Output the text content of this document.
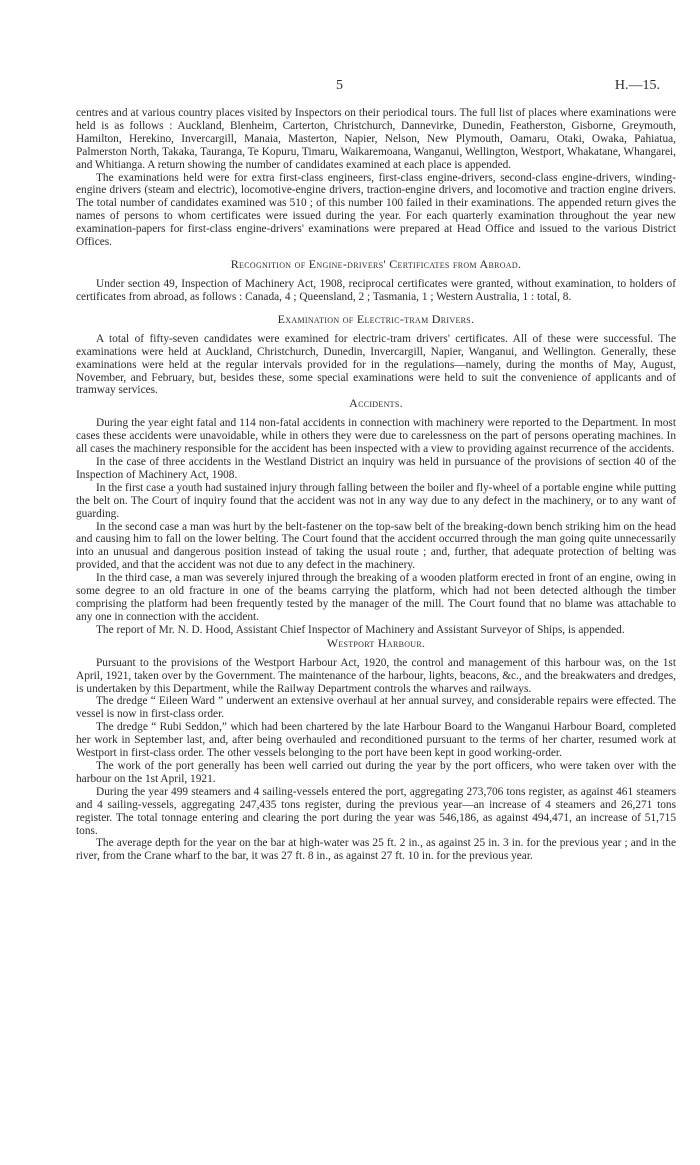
5	H.—15.

centres and at various country places visited by Inspectors on their periodical tours. The full list of places where examinations were held is as follows : Auckland, Blenheim, Carterton, Christchurch, Dannevirke, Dunedin, Featherston, Gisborne, Greymouth, Hamilton, Herekino, Invercargill, Manaia, Masterton, Napier, Nelson, New Plymouth, Oamaru, Otaki, Owaka, Pahiatua, Palmerston North, Takaka, Tauranga, Te Kopuru, Timaru, Waikaremoana, Wanganui, Wellington, Westport, Whakatane, Whangarei, and Whitianga. A return showing the number of candidates examined at each place is appended.

The examinations held were for extra first-class engineers, first-class engine-drivers, second-class engine-drivers, winding-engine drivers (steam and electric), locomotive-engine drivers, traction-engine drivers, and locomotive and traction engine drivers. The total number of candidates examined was 510 ; of this number 100 failed in their examinations. The appended return gives the names of persons to whom certificates were issued during the year. For each quarterly examination throughout the year new examination-papers for first-class engine-drivers' examinations were prepared at Head Office and issued to the various District Offices.

Recognition of Engine-drivers' Certificates from Abroad.

Under section 49, Inspection of Machinery Act, 1908, reciprocal certificates were granted, without examination, to holders of certificates from abroad, as follows : Canada, 4 ; Queensland, 2 ; Tasmania, 1 ; Western Australia, 1 : total, 8.

Examination of Electric-tram Drivers.

A total of fifty-seven candidates were examined for electric-tram drivers' certificates. All of these were successful. The examinations were held at Auckland, Christchurch, Dunedin, Invercargill, Napier, Wanganui, and Wellington. Generally, these examinations were held at the regular intervals provided for in the regulations—namely, during the months of May, August, November, and February, but, besides these, some special examinations were held to suit the convenience of applicants and of tramway services.

Accidents.

During the year eight fatal and 114 non-fatal accidents in connection with machinery were reported to the Department. In most cases these accidents were unavoidable, while in others they were due to carelessness on the part of persons operating machines. In all cases the machinery responsible for the accident has been inspected with a view to providing against recurrence of the accidents.

In the case of three accidents in the Westland District an inquiry was held in pursuance of the provisions of section 40 of the Inspection of Machinery Act, 1908.

In the first case a youth had sustained injury through falling between the boiler and fly-wheel of a portable engine while putting the belt on. The Court of inquiry found that the accident was not in any way due to any defect in the machinery, or to any want of guarding.

In the second case a man was hurt by the belt-fastener on the top-saw belt of the breaking-down bench striking him on the head and causing him to fall on the lower belting. The Court found that the accident occurred through the man going quite unnecessarily into an unusual and dangerous position instead of taking the usual route ; and, further, that adequate protection of belting was provided, and that the accident was not due to any defect in the machinery.

In the third case, a man was severely injured through the breaking of a wooden platform erected in front of an engine, owing in some degree to an old fracture in one of the beams carrying the platform, which had not been detected although the timber comprising the platform had been frequently tested by the manager of the mill. The Court found that no blame was attachable to any one in connection with the accident.

The report of Mr. N. D. Hood, Assistant Chief Inspector of Machinery and Assistant Surveyor of Ships, is appended.

Westport Harbour.

Pursuant to the provisions of the Westport Harbour Act, 1920, the control and management of this harbour was, on the 1st April, 1921, taken over by the Government. The maintenance of the harbour, lights, beacons, &c., and the breakwaters and dredges, is undertaken by this Department, while the Railway Department controls the wharves and railways.

The dredge “ Eileen Ward ” underwent an extensive overhaul at her annual survey, and considerable repairs were effected. The vessel is now in first-class order.

The dredge “ Rubi Seddon,” which had been chartered by the late Harbour Board to the Wanganui Harbour Board, completed her work in September last, and, after being overhauled and reconditioned pursuant to the terms of her charter, resumed work at Westport in first-class order. The other vessels belonging to the port have been kept in good working-order.

The work of the port generally has been well carried out during the year by the port officers, who were taken over with the harbour on the 1st April, 1921.

During the year 499 steamers and 4 sailing-vessels entered the port, aggregating 273,706 tons register, as against 461 steamers and 4 sailing-vessels, aggregating 247,435 tons register, during the previous year—an increase of 4 steamers and 26,271 tons register. The total tonnage entering and clearing the port during the year was 546,186, as against 494,471, an increase of 51,715 tons.

The average depth for the year on the bar at high-water was 25 ft. 2 in., as against 25 in. 3 in. for the previous year ; and in the river, from the Crane wharf to the bar, it was 27 ft. 8 in., as against 27 ft. 10 in. for the previous year.
